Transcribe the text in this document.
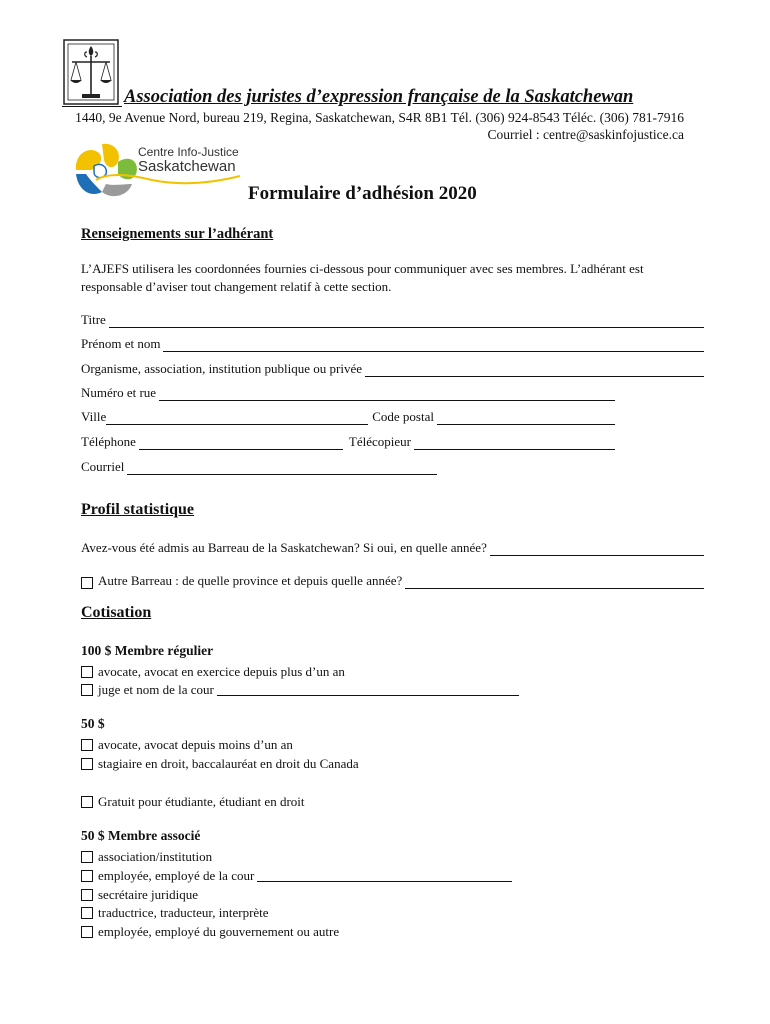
Association des juristes d’expression française de la Saskatchewan
1440, 9e Avenue Nord, bureau 219, Regina, Saskatchewan, S4R 8B1 Tél. (306) 924-8543 Téléc. (306) 781-7916
Courriel : centre@saskinfojustice.ca
Centre Info-Justice
Saskatchewan
Formulaire d’adhésion 2020
Renseignements sur l’adhérant
L’AJEFS utilisera les coordonnées fournies ci-dessous pour communiquer avec ses membres. L’adhérant est responsable d’aviser tout changement relatif à cette section.
Titre
Prénom et nom
Organisme, association, institution publique ou privée
Numéro et rue
Ville	Code postal
Téléphone	Télécopieur
Courriel
Profil statistique
Avez-vous été admis au Barreau de la Saskatchewan? Si oui, en quelle année?
Autre Barreau : de quelle province et depuis quelle année?
Cotisation
100 $ Membre régulier
avocate, avocat en exercice depuis plus d’un an
juge et nom de la cour
50 $
avocate, avocat depuis moins d’un an
stagiaire en droit, baccalauréat en droit du Canada
Gratuit pour étudiante, étudiant en droit
50 $ Membre associé
association/institution
employée, employé de la cour
secrétaire juridique
traductrice, traducteur, interprète
employée, employé du gouvernement ou autre
